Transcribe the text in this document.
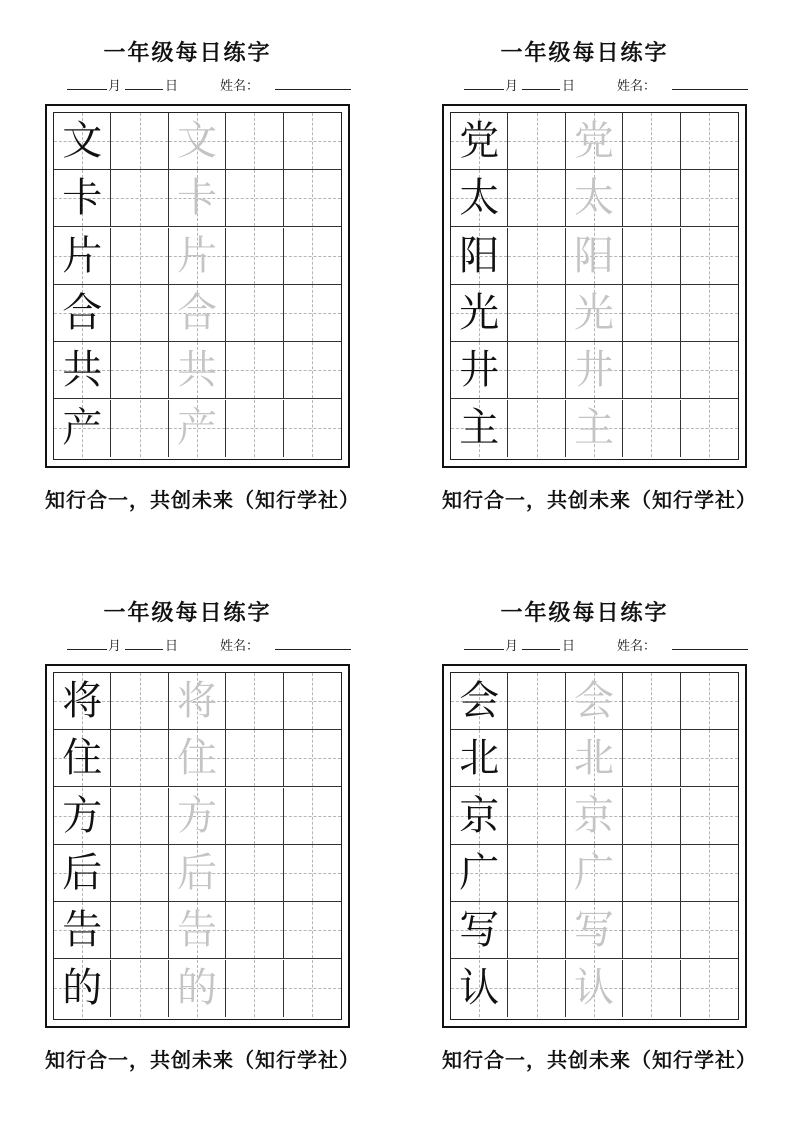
一年级每日练字
月	日	姓名：
文 文
卡 卡
片 片
合 合
共 共
产 产
知行合一，共创未来（知行学社）
一年级每日练字
月	日	姓名：
党 党
太 太
阳 阳
光 光
井 井
主 主
知行合一，共创未来（知行学社）
一年级每日练字
月	日	姓名：
将 将
住 住
方 方
后 后
告 告
的 的
知行合一，共创未来（知行学社）
一年级每日练字
月	日	姓名：
会 会
北 北
京 京
广 广
写 写
认 认
知行合一，共创未来（知行学社）
